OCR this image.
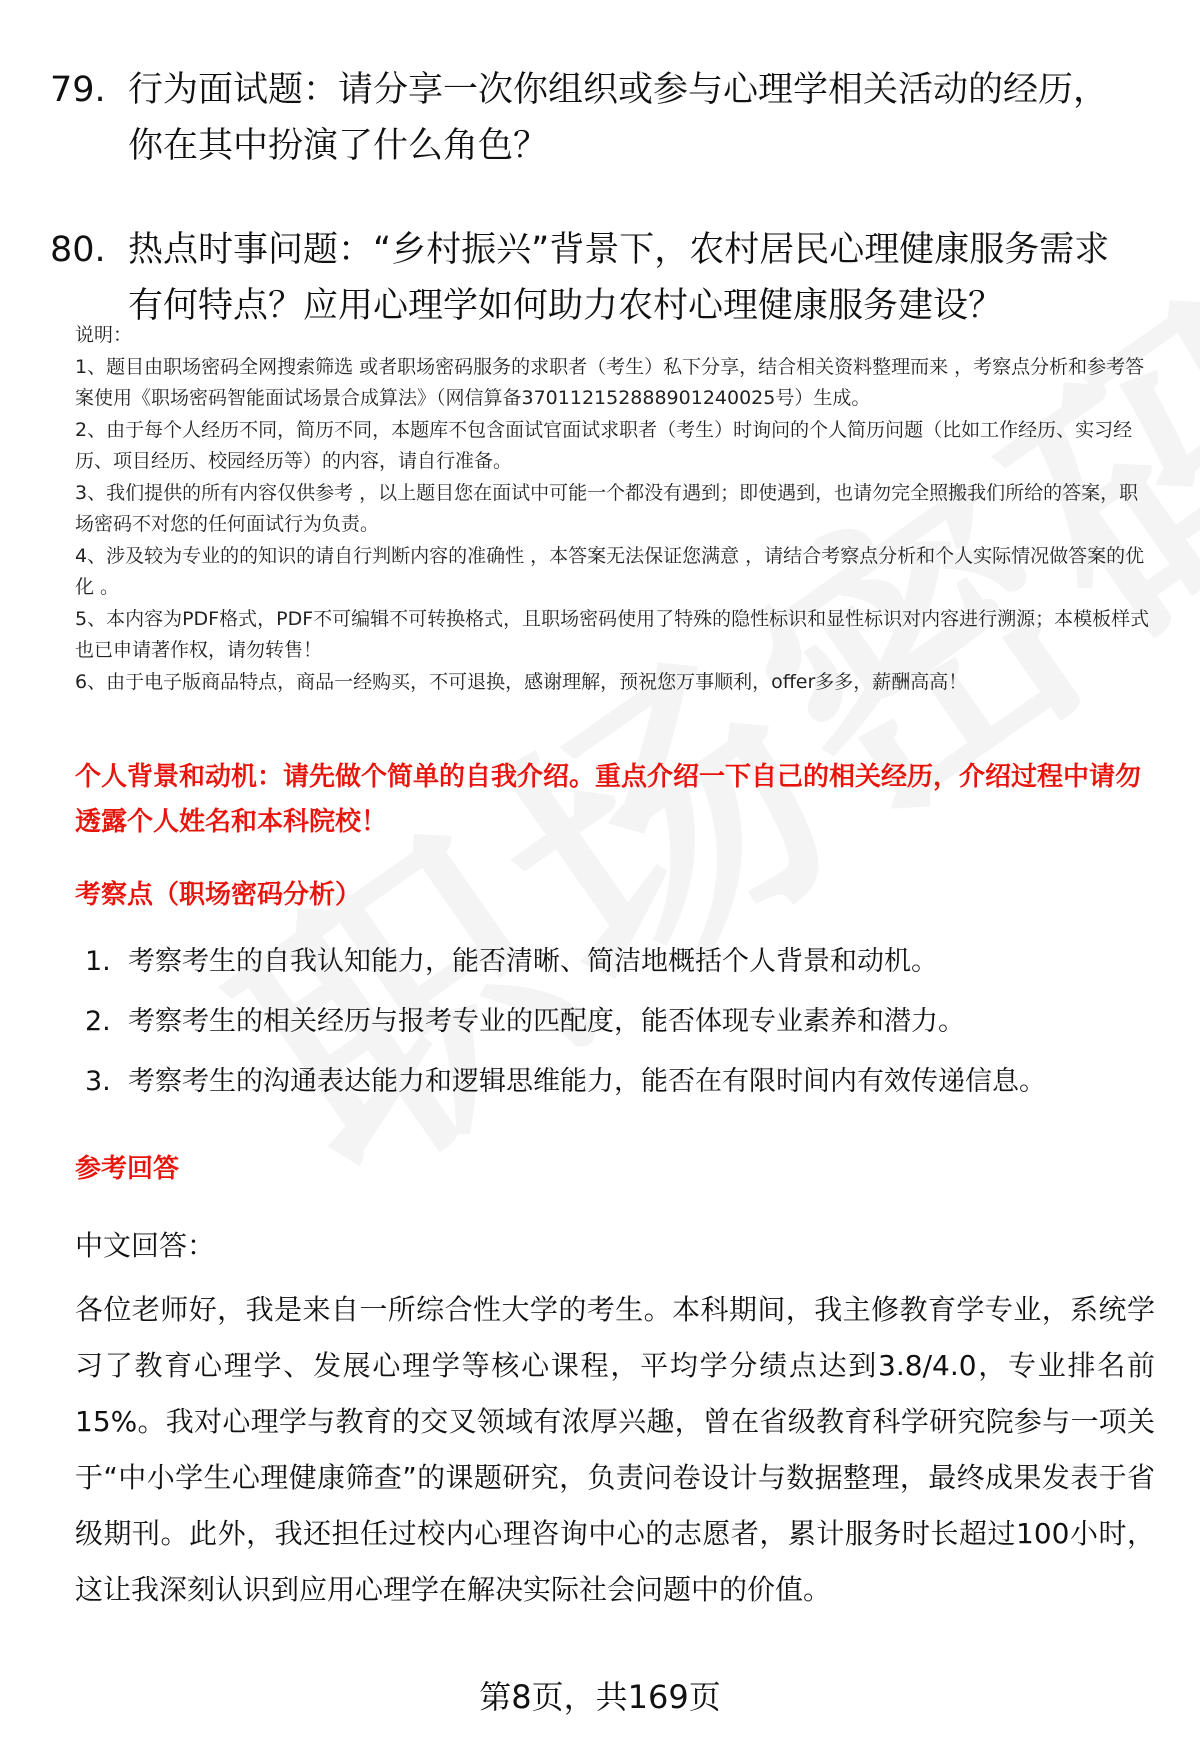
79. 行为面试题：请分享一次你组织或参与心理学相关活动的经历，你在其中扮演了什么角色？
80. 热点时事问题：“乡村振兴”背景下，农村居民心理健康服务需求有何特点？应用心理学如何助力农村心理健康服务建设？
说明：
1、题目由职场密码全网搜索筛选 或者职场密码服务的求职者（考生）私下分享，结合相关资料整理而来 ，考察点分析和参考答案使用《职场密码智能面试场景合成算法》（网信算备370112152888901240025号）生成。
2、由于每个人经历不同，简历不同，本题库不包含面试官面试求职者（考生）时询问的个人简历问题（比如工作经历、实习经历、项目经历、校园经历等）的内容，请自行准备。
3、我们提供的所有内容仅供参考 ，以上题目您在面试中可能一个都没有遇到；即使遇到，也请勿完全照搬我们所给的答案，职场密码不对您的任何面试行为负责。
4、涉及较为专业的的知识的请自行判断内容的准确性 ，本答案无法保证您满意 ，请结合考察点分析和个人实际情况做答案的优化 。
5、本内容为PDF格式，PDF不可编辑不可转换格式，且职场密码使用了特殊的隐性标识和显性标识对内容进行溯源；本模板样式也已申请著作权，请勿转售！
6、由于电子版商品特点，商品一经购买，不可退换，感谢理解，预祝您万事顺利，offer多多，薪酬高高！
个人背景和动机：请先做个简单的自我介绍。重点介绍一下自己的相关经历，介绍过程中请勿透露个人姓名和本科院校！
考察点（职场密码分析）
1. 考察考生的自我认知能力，能否清晰、简洁地概括个人背景和动机。
2. 考察考生的相关经历与报考专业的匹配度，能否体现专业素养和潜力。
3. 考察考生的沟通表达能力和逻辑思维能力，能否在有限时间内有效传递信息。
参考回答
中文回答：
各位老师好，我是来自一所综合性大学的考生。本科期间，我主修教育学专业，系统学习了教育心理学、发展心理学等核心课程，平均学分绩点达到3.8/4.0，专业排名前15%。我对心理学与教育的交叉领域有浓厚兴趣，曾在省级教育科学研究院参与一项关于“中小学生心理健康筛查”的课题研究，负责问卷设计与数据整理，最终成果发表于省级期刊。此外，我还担任过校内心理咨询中心的志愿者，累计服务时长超过100小时，这让我深刻认识到应用心理学在解决实际社会问题中的价值。
第8页，共169页
